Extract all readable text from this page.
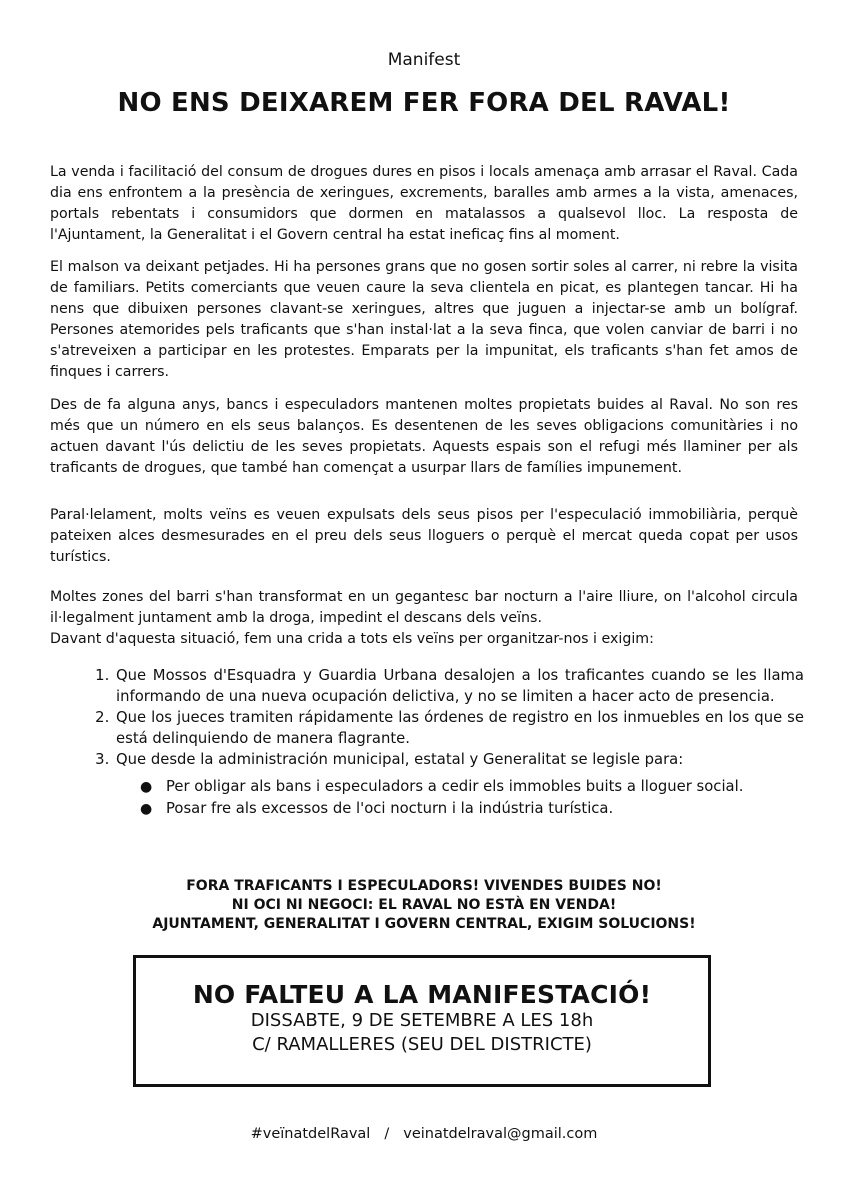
Manifest
NO ENS DEIXAREM FER FORA DEL RAVAL!

La venda i facilitació del consum de drogues dures en pisos i locals amenaça amb arrasar el Raval. Cada dia ens enfrontem a la presència de xeringues, excrements, baralles amb armes a la vista, amenaces, portals rebentats i consumidors que dormen en matalassos a qualsevol lloc. La resposta de l'Ajuntament, la Generalitat i el Govern central ha estat ineficaç fins al moment.

El malson va deixant petjades. Hi ha persones grans que no gosen sortir soles al carrer, ni rebre la visita de familiars. Petits comerciants que veuen caure la seva clientela en picat, es plantegen tancar. Hi ha nens que dibuixen persones clavant-se xeringues, altres que juguen a injectar-se amb un bolígraf. Persones atemorides pels traficants que s'han instal·lat a la seva finca, que volen canviar de barri i no s'atreveixen a participar en les protestes. Emparats per la impunitat, els traficants s'han fet amos de finques i carrers.

Des de fa alguna anys, bancs i especuladors mantenen moltes propietats buides al Raval. No son res més que un número en els seus balanços. Es desentenen de les seves obligacions comunitàries i no actuen davant l'ús delictiu de les seves propietats. Aquests espais son el refugi més llaminer per als traficants de drogues, que també han començat a usurpar llars de famílies impunement.

Paral·lelament, molts veïns es veuen expulsats dels seus pisos per l'especulació immobiliària, perquè pateixen alces desmesurades en el preu dels seus lloguers o perquè el mercat queda copat per usos turístics.

Moltes zones del barri s'han transformat en un gegantesc bar nocturn a l'aire lliure, on l'alcohol circula il·legalment juntament amb la droga, impedint el descans dels veïns.
Davant d'aquesta situació, fem una crida a tots els veïns per organitzar-nos i exigim:
1. Que Mossos d'Esquadra y Guardia Urbana desalojen a los traficantes cuando se les llama informando de una nueva ocupación delictiva, y no se limiten a hacer acto de presencia.
2. Que los jueces tramiten rápidamente las órdenes de registro en los inmuebles en los que se está delinquiendo de manera flagrante.
3. Que desde la administración municipal, estatal y Generalitat se legisle para:
● Per obligar als bans i especuladors a cedir els immobles buits a lloguer social.
● Posar fre als excessos de l'oci nocturn i la indústria turística.
FORA TRAFICANTS I ESPECULADORS! VIVENDES BUIDES NO!
NI OCI NI NEGOCI: EL RAVAL NO ESTÀ EN VENDA!
AJUNTAMENT, GENERALITAT I GOVERN CENTRAL, EXIGIM SOLUCIONS!
NO FALTEU A LA MANIFESTACIÓ!
DISSABTE, 9 DE SETEMBRE A LES 18h
C/ RAMALLERES (SEU DEL DISTRICTE)
#veïnatdelRaval / veinatdelraval@gmail.com
